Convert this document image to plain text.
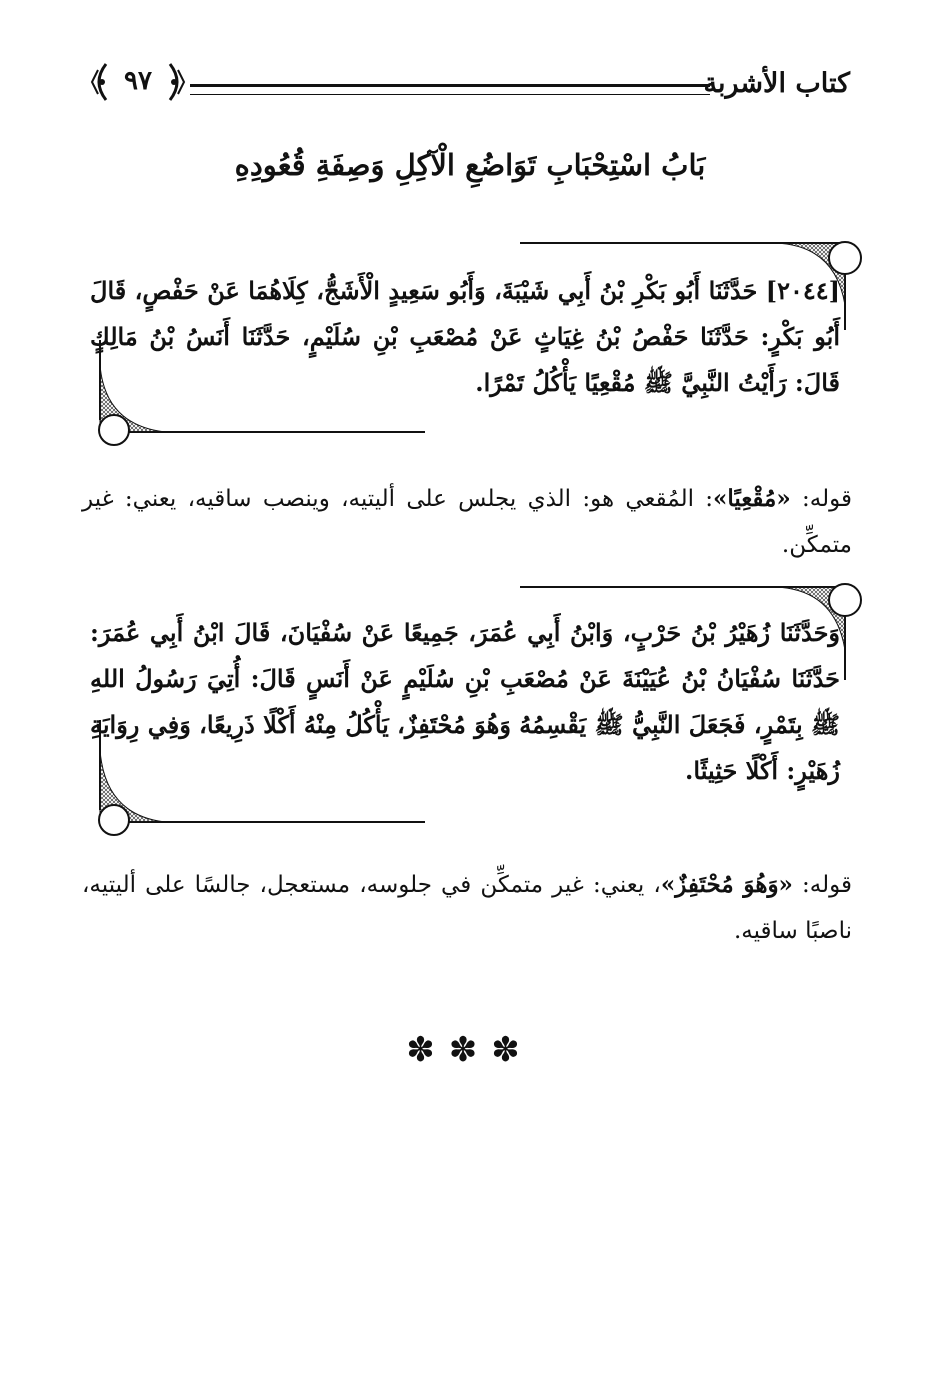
كتاب الأشربة
٩٧
بَابُ اسْتِحْبَابِ تَوَاضُعِ الْآكِلِ وَصِفَةِ قُعُودِهِ

[٢٠٤٤] حَدَّثَنَا أَبُو بَكْرِ بْنُ أَبِي شَيْبَةَ، وَأَبُو سَعِيدٍ الْأَشَجُّ، كِلَاهُمَا عَنْ حَفْصٍ، قَالَ أَبُو بَكْرٍ: حَدَّثَنَا حَفْصُ بْنُ غِيَاثٍ عَنْ مُصْعَبِ بْنِ سُلَيْمٍ، حَدَّثَنَا أَنَسُ بْنُ مَالِكٍ قَالَ: رَأَيْتُ النَّبِيَّ ﷺ مُقْعِيًا يَأْكُلُ تَمْرًا.

قوله: «مُقْعِيًا»: المُقعي هو: الذي يجلس على أليتيه، وينصب ساقيه، يعني: غير متمكِّن.

وَحَدَّثَنَا زُهَيْرُ بْنُ حَرْبٍ، وَابْنُ أَبِي عُمَرَ، جَمِيعًا عَنْ سُفْيَانَ، قَالَ ابْنُ أَبِي عُمَرَ: حَدَّثَنَا سُفْيَانُ بْنُ عُيَيْنَةَ عَنْ مُصْعَبِ بْنِ سُلَيْمٍ عَنْ أَنَسٍ قَالَ: أُتِيَ رَسُولُ اللهِ ﷺ بِتَمْرٍ، فَجَعَلَ النَّبِيُّ ﷺ يَقْسِمُهُ وَهُوَ مُحْتَفِزٌ، يَأْكُلُ مِنْهُ أَكْلًا ذَرِيعًا، وَفِي رِوَايَةِ زُهَيْرٍ: أَكْلًا حَثِيثًا.

قوله: «وَهُوَ مُحْتَفِزٌ»، يعني: غير متمكِّن في جلوسه، مستعجل، جالسًا على أليتيه، ناصبًا ساقيه.

✽✽✽
